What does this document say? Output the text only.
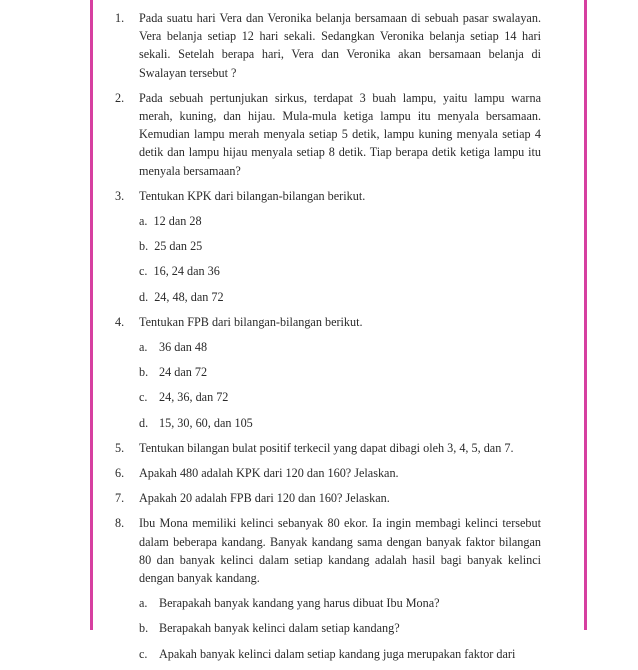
1. Pada suatu hari Vera dan Veronika belanja bersamaan di sebuah pasar swalayan. Vera belanja setiap 12 hari sekali. Sedangkan Veronika belanja setiap 14 hari sekali. Setelah berapa hari, Vera dan Veronika akan bersamaan belanja di Swalayan tersebut ?

2. Pada sebuah pertunjukan sirkus, terdapat 3 buah lampu, yaitu lampu warna merah, kuning, dan hijau. Mula-mula ketiga lampu itu menyala bersamaan. Kemudian lampu merah menyala setiap 5 detik, lampu kuning menyala setiap 4 detik dan lampu hijau menyala setiap 8 detik. Tiap berapa detik ketiga lampu itu menyala bersamaan?

3. Tentukan KPK dari bilangan-bilangan berikut.

a. 12 dan 28
b. 25 dan 25
c. 16, 24 dan 36
d. 24, 48, dan 72
4. Tentukan FPB dari bilangan-bilangan berikut.

a. 36 dan 48
b. 24 dan 72
c. 24, 36, dan 72
d. 15, 30, 60, dan 105
5. Tentukan bilangan bulat positif terkecil yang dapat dibagi oleh 3, 4, 5, dan 7.

6. Apakah 480 adalah KPK dari 120 dan 160? Jelaskan.

7. Apakah 20 adalah FPB dari 120 dan 160? Jelaskan.

8. Ibu Mona memiliki kelinci sebanyak 80 ekor. Ia ingin membagi kelinci tersebut dalam beberapa kandang. Banyak kandang sama dengan banyak faktor bilangan 80 dan banyak kelinci dalam setiap kandang adalah hasil bagi banyak kelinci dengan banyak kandang.

a. Berapakah banyak kandang yang harus dibuat Ibu Mona?
b. Berapakah banyak kelinci dalam setiap kandang?
c. Apakah banyak kelinci dalam setiap kandang juga merupakan faktor dari
